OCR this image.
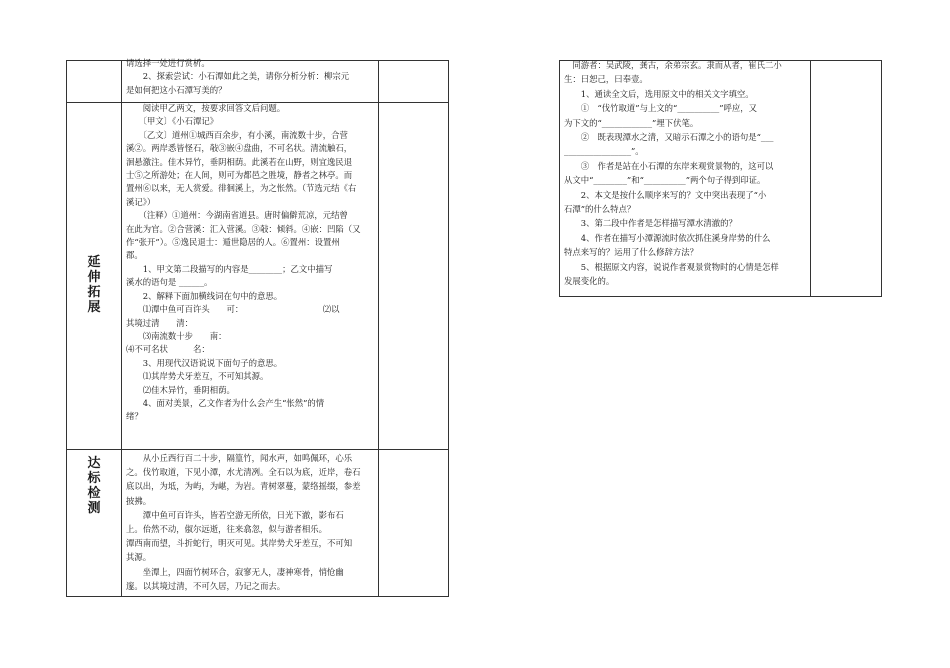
延伸拓展
达标检测

请选择一处进行赏析。

　　2、探索尝试：小石潭如此之美，请你分析分析：柳宗元

是如何把这小石潭写美的？

　　阅读甲乙两文，按要求回答文后问题。

　　〔甲文〕《小石潭记》

　　〔乙文〕道州①城西百余步，有小溪，南流数十步，合营

溪②。两岸悉皆怪石，敧③嵌④盘曲，不可名状。清流触石，

洄悬激注。佳木异竹，垂阴相荫。此溪若在山野，则宜逸民退

士⑤之所游处；在人间，则可为都邑之胜境，静者之林亭。而

置州⑥以来，无人赏爱。徘徊溪上，为之怅然。（节选元结《右

溪记》）

　　（注释）①道州：今湖南省道县。唐时偏僻荒凉，元结曾

在此为官。②合营溪：汇入营溪。③敧：倾斜。④嵌：凹陷（又

作“张开”）。⑤逸民退士：遁世隐居的人。⑥置州：设置州

郡。

　　1、甲文第二段描写的内容是________；乙文中描写

溪水的语句是 ______。

　　2、解释下面加横线词在句中的意思。

　　⑴潭中鱼可百许头　　可：　　　　　　　　　　⑵以

其境过清　　清：

　　⑶南流数十步　　南：

⑷不可名状　　　名：

　　3、用现代汉语说说下面句子的意思。

　　⑴其岸势犬牙差互，不可知其源。

　　⑵佳木异竹，垂阴相荫。

　　4、面对美景，乙文作者为什么会产生“怅然”的情

绪？

　　从小丘西行百二十步，隔篁竹，闻水声，如鸣佩环，心乐

之。伐竹取道，下见小潭，水尤清冽。全石以为底，近岸，卷石

底以出，为坻，为屿，为嵁，为岩。青树翠蔓，蒙络摇缀，参差

披拂。

　　潭中鱼可百许头，皆若空游无所依，日光下澈，影布石

上。佁然不动，俶尔远逝，往来翕忽，似与游者相乐。

潭西南而望，斗折蛇行，明灭可见。其岸势犬牙差互，不可知

其源。

　　坐潭上，四面竹树环合，寂寥无人，凄神寒骨，悄怆幽

邃。以其境过清，不可久居，乃记之而去。

　同游者：吴武陵，龚古，余弟宗玄。隶而从者，崔氏二小

生：曰恕己，曰奉壹。

　　1、通读全文后，选用原文中的相关文字填空。

　　①　“伐竹取道”与上文的“__________”呼应，又

为下文的“____________”埋下伏笔。

　　②　既表现潭水之清，又暗示石潭之小的语句是“___

________________”。

　　③　作者是站在小石潭的东岸来观赏景物的，这可以

从文中“________”和“__________”两个句子得到印证。

　　2、本文是按什么顺序来写的？文中突出表现了“小

石潭”的什么特点？

　　3、第二段中作者是怎样描写潭水清澈的？

　　4、作者在描写小潭源流时依次抓住溪身岸势的什么

特点来写的？运用了什么修辞方法？

　　5、根据原文内容，说说作者观景赏物时的心情是怎样

发展变化的。
